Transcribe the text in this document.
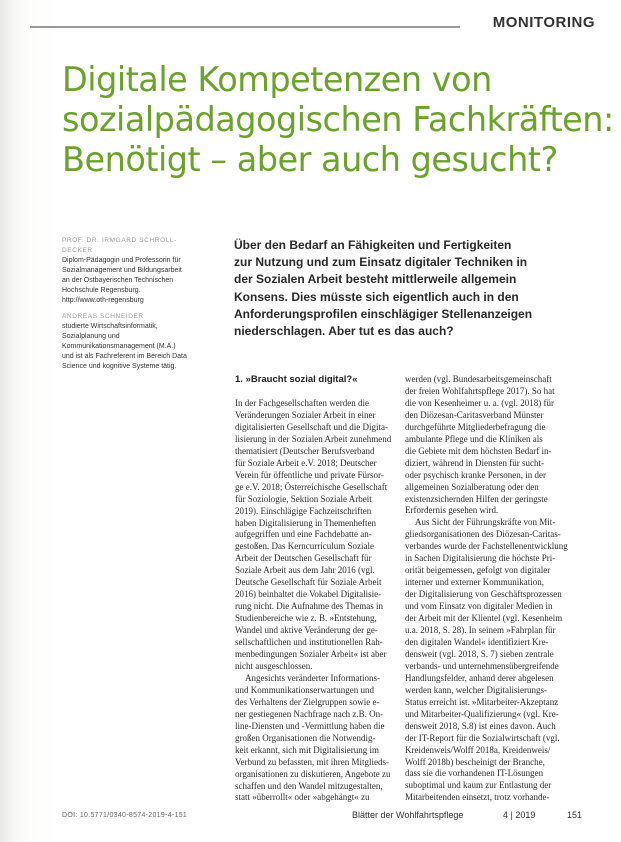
MONITORING
Digitale Kompetenzen von
sozialpädagogischen Fachkräften:
Benötigt – aber auch gesucht?
PROF. DR. IRMGARD SCHROLL-DECKER
Diplom-Pädagogin und Professorin für Sozialmanagement und Bildungsarbeit an der Ostbayerischen Technischen Hochschule Regensburg. http://www.oth-regensburg
ANDREAS SCHNEIDER
studierte Wirtschaftsinformatik, Sozialplanung und Kommunikationsmanagement (M.A.) und ist als Fachreferent im Bereich Data Science und kognitive Systeme tätig.
Über den Bedarf an Fähigkeiten und Fertigkeiten
zur Nutzung und zum Einsatz digitaler Techniken in
der Sozialen Arbeit besteht mittlerweile allgemein
Konsens. Dies müsste sich eigentlich auch in den
Anforderungsprofilen einschlägiger Stellenanzeigen
niederschlagen. Aber tut es das auch?
1. »Braucht sozial digital?«
In der Fachgesellschaften werden die
Veränderungen Sozialer Arbeit in einer
digitalisierten Gesellschaft und die Digita-
lisierung in der Sozialen Arbeit zunehmend
thematisiert (Deutscher Berufsverband
für Soziale Arbeit e.V. 2018; Deutscher
Verein für öffentliche und private Fürsor-
ge e.V. 2018; Österreichische Gesellschaft
für Soziologie, Sektion Soziale Arbeit
2019). Einschlägige Fachzeitschriften
haben Digitalisierung in Themenheften
aufgegriffen und eine Fachdebatte an-
gestoßen. Das Kerncurriculum Soziale
Arbeit der Deutschen Gesellschaft für
Soziale Arbeit aus dem Jahr 2016 (vgl.
Deutsche Gesellschaft für Soziale Arbeit
2016) beinhaltet die Vokabel Digitalisie-
rung nicht. Die Aufnahme des Themas in
Studienbereiche wie z. B. »Entstehung,
Wandel und aktive Veränderung der ge-
sellschaftlichen und institutionellen Rah-
menbedingungen Sozialer Arbeit« ist aber
nicht ausgeschlossen.
Angesichts veränderter Informations-
und Kommunikationserwartungen und
des Verhaltens der Zielgruppen sowie e-
ner gestiegenen Nachfrage nach z.B. On-
line-Diensten und -Vermittlung haben die
großen Organisationen die Notwendig-
keit erkannt, sich mit Digitalisierung im
Verbund zu befassten, mit ihren Mitglieds-
organisationen zu diskutieren, Angebote zu
schaffen und den Wandel mitzugestalten,
statt »überrollt« oder »abgehängt« zu
werden (vgl. Bundesarbeitsgemeinschaft
der freien Wohlfahrtspflege 2017). So hat
die von Kesenheimer u. a. (vgl. 2018) für
den Diözesan-Caritasverband Münster
durchgeführte Mitgliederbefragung die
ambulante Pflege und die Kliniken als
die Gebiete mit dem höchsten Bedarf in-
diziert, während in Diensten für sucht-
oder psychisch kranke Personen, in der
allgemeinen Sozialberatung oder den
existenzsichernden Hilfen der geringste
Erfordernis gesehen wird.
Aus Sicht der Führungskräfte von Mit-
gliedsorganisationen des Diözesan-Caritas-
verbandes wurde der Fachstellenentwicklung
in Sachen Digitalisierung die höchste Pri-
orität beigemessen, gefolgt von digitaler
interner und externer Kommunikation,
der Digitalisierung von Geschäftsprozessen
und vom Einsatz von digitaler Medien in
der Arbeit mit der Klientel (vgl. Kesenheim
u.a. 2018, S. 28). In seinem »Fahrplan für
den digitalen Wandel« identifiziert Kre-
densweit (vgl. 2018, S. 7) sieben zentrale
verbands- und unternehmensübergreifende
Handlungsfelder, anhand derer abgelesen
werden kann, welcher Digitalisierungs-
Status erreicht ist. »Mitarbeiter-Akzeptanz
und Mitarbeiter-Qualifizierung« (vgl. Kre-
densweit 2018, S.8) ist eines davon. Auch
der IT-Report für die Sozialwirtschaft (vgl.
Kreidenweis/Wolff 2018a, Kreidenweis/
Wolff 2018b) bescheinigt der Branche,
dass sie die vorhandenen IT-Lösungen
suboptimal und kaum zur Entlastung der
Mitarbeitenden einsetzt, trotz vorhande-
DOI: 10.5771/0340-8574-2019-4-151	Blätter der Wohlfahrtspflege	4 | 2019	151
